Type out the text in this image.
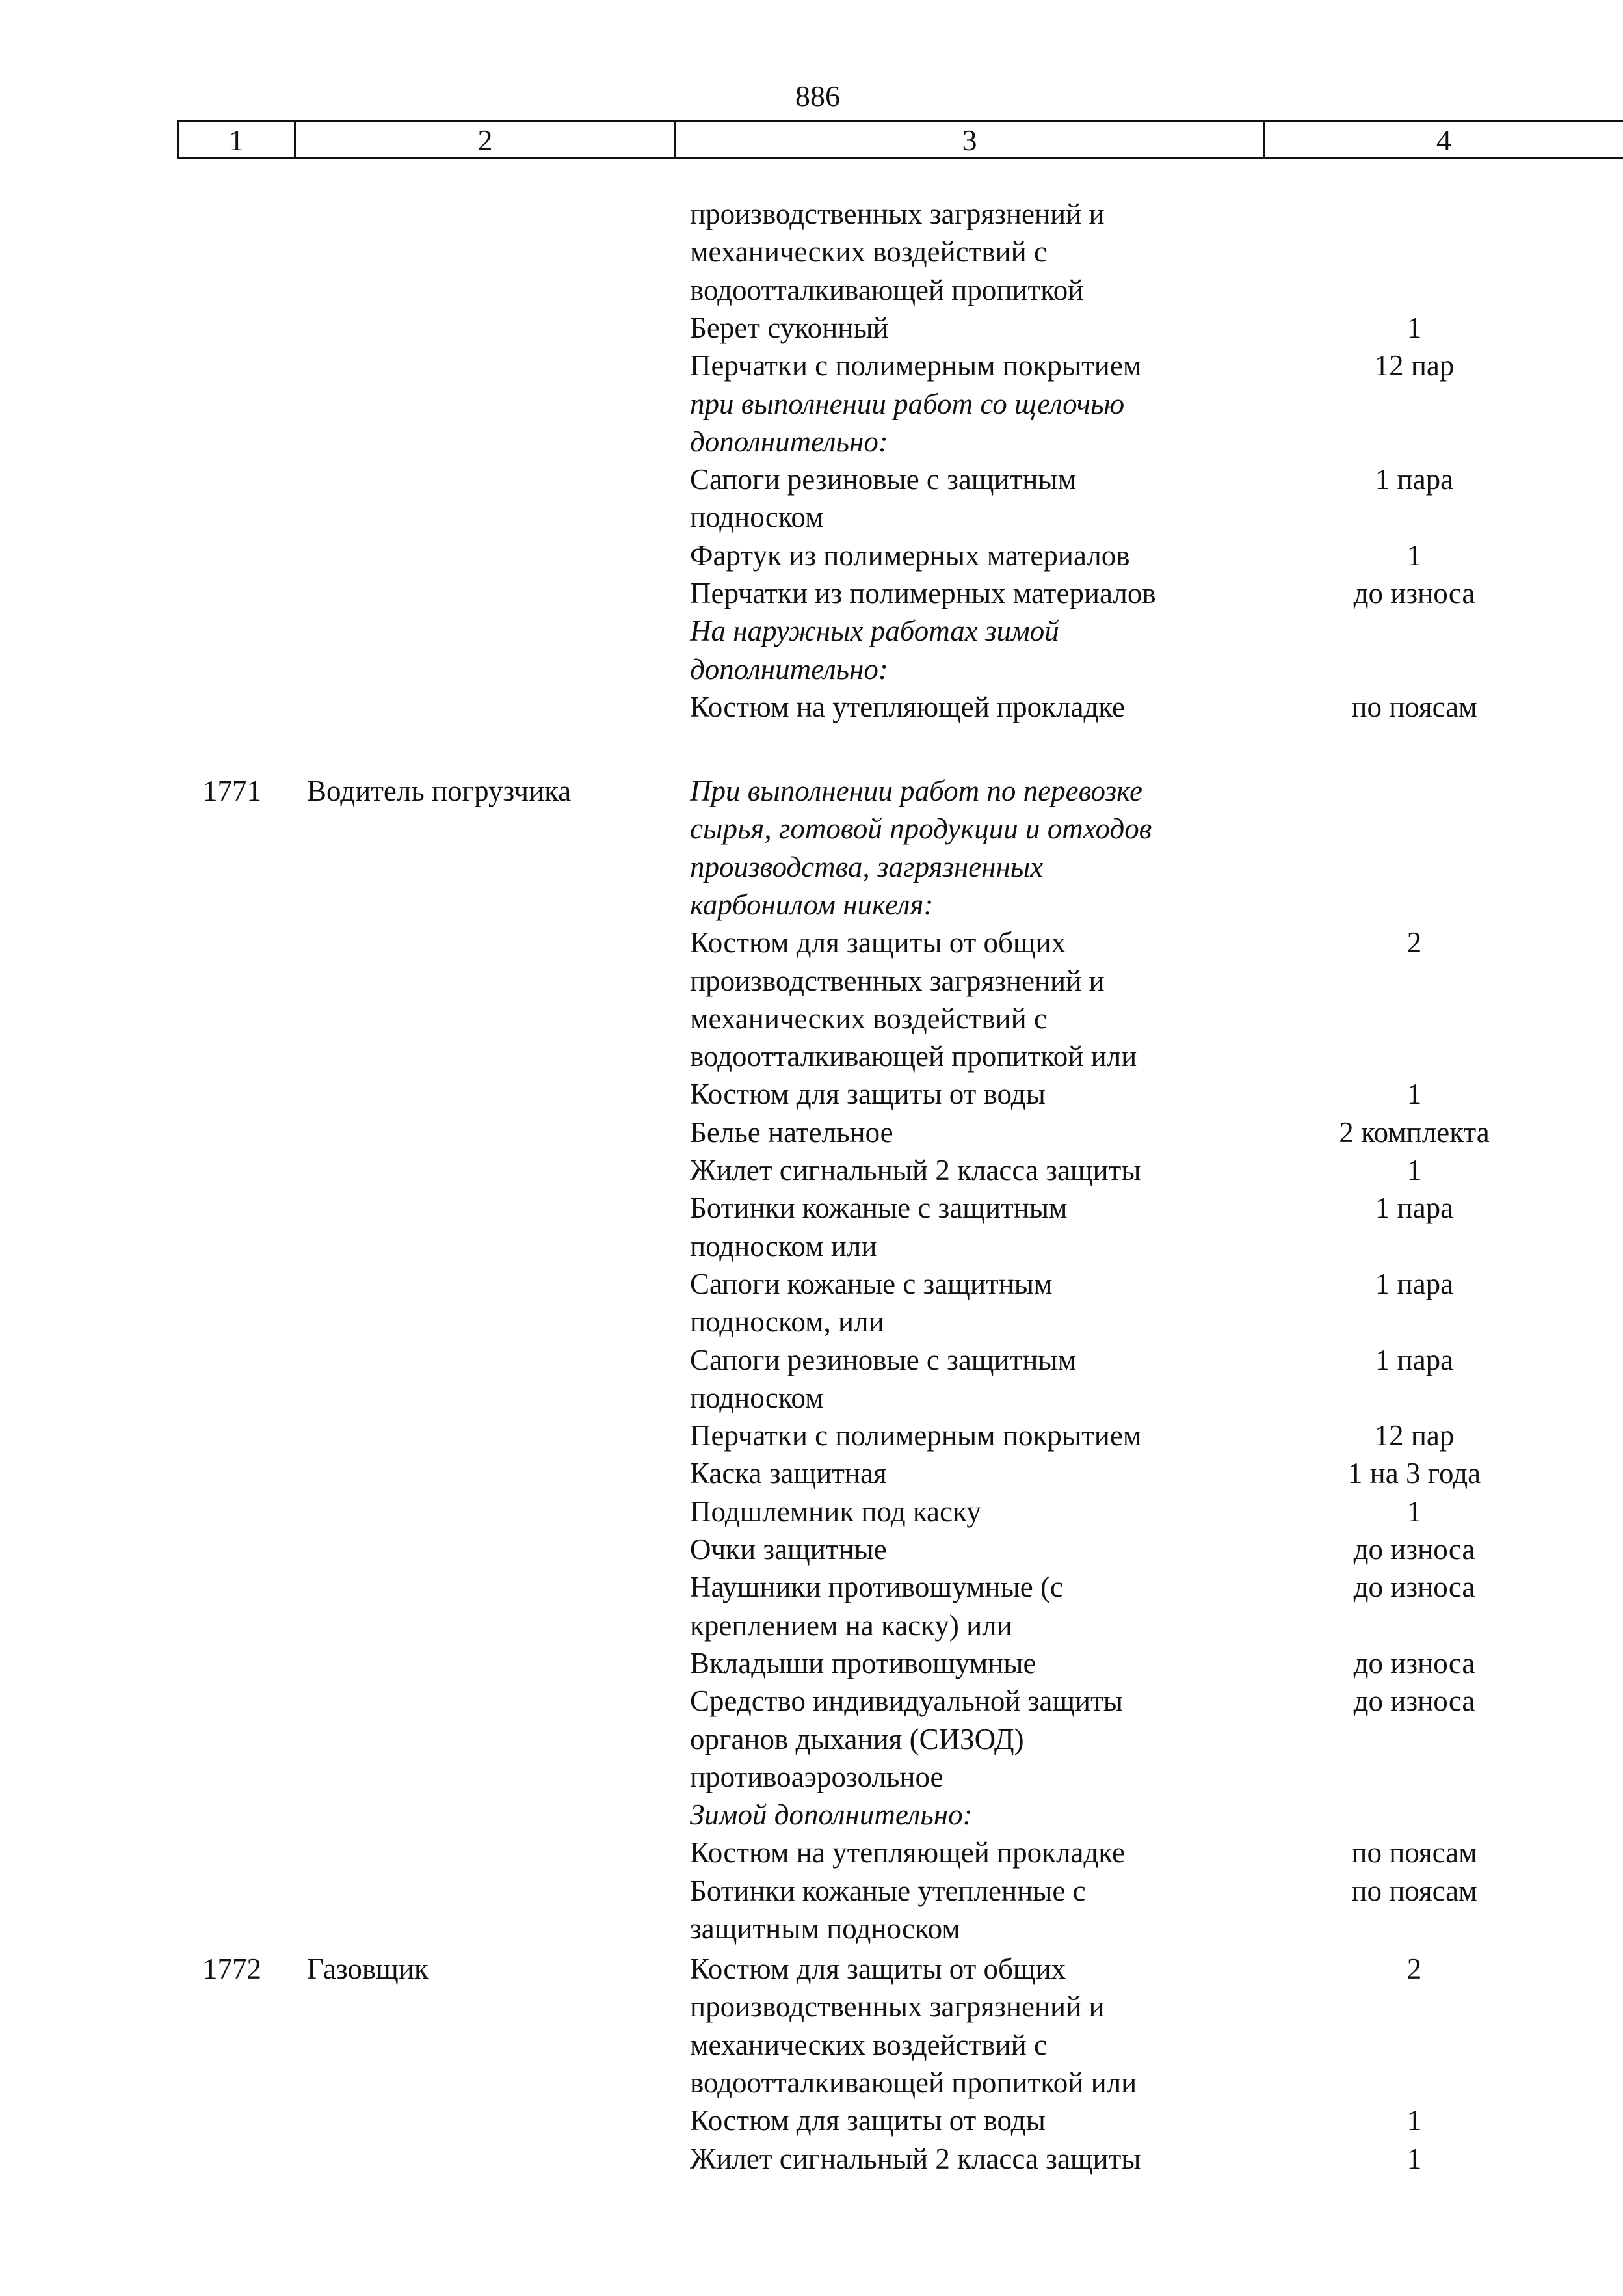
886

1	2	3	4
производственных загрязнений и
механических воздействий с
водоотталкивающей пропиткой
Берет суконный	1
Перчатки с полимерным покрытием	12 пар
при выполнении работ со щелочью
дополнительно:
Сапоги резиновые с защитным	1 пара
подноском
Фартук из полимерных материалов	1
Перчатки из полимерных материалов	до износа
На наружных работах зимой
дополнительно:
Костюм на утепляющей прокладке	по поясам
1771 Водитель погрузчика	При выполнении работ по перевозке
сырья, готовой продукции и отходов
производства, загрязненных
карбонилом никеля:
Костюм для защиты от общих	2
производственных загрязнений и
механических воздействий с
водоотталкивающей пропиткой или
Костюм для защиты от воды	1
Белье нательное	2 комплекта
Жилет сигнальный 2 класса защиты	1
Ботинки кожаные с защитным	1 пара
подноском или
Сапоги кожаные с защитным	1 пара
подноском, или
Сапоги резиновые с защитным	1 пара
подноском
Перчатки с полимерным покрытием	12 пар
Каска защитная	1 на 3 года
Подшлемник под каску	1
Очки защитные	до износа
Наушники противошумные (с	до износа
креплением на каску) или
Вкладыши противошумные	до износа
Средство индивидуальной защиты	до износа
органов дыхания (СИЗОД)
противоаэрозольное
Зимой дополнительно:
Костюм на утепляющей прокладке	по поясам
Ботинки кожаные утепленные с	по поясам
защитным подноском
1772 Газовщик	Костюм для защиты от общих	2
производственных загрязнений и
механических воздействий с
водоотталкивающей пропиткой или
Костюм для защиты от воды	1
Жилет сигнальный 2 класса защиты	1
